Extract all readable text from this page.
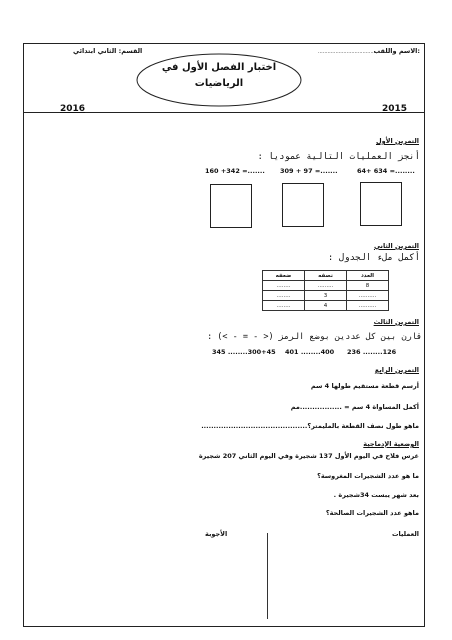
الاسم واللقب:
....................................
القسم: الثاني ابتدائي
اختبار الفصل الأول في
الرياضيات
2015
2016
التمرين الأول
أنجز العمليات التالية عموديا :
64+ 634 =........
309 + 97 =.......
160 +342 =.......
التمرين الثاني
أكمل ملء الجدول :
ضعفه	نصفه	العدد
........	.........	8
........	3	..........
........	4	..........
التمرين الثالث
قارن بين كل عددين بوضع الرمز (< - = - >) :
236 ........126
401 ........400
345 ........300+45
التمرين الرابع
أرسم قطعة مستقيم طولها 4 سم
أكمل المساواة 4 سم = .................مم
ماهو طول نصف القطعة بالمليمتر؟...........................................
الوضعية الإدماجية
غرس فلاح في اليوم الأول 137 شجيرة وفي اليوم الثاني 207 شجيرة
ما هو عدد الشجيرات المغروسة؟
بعد شهر يبست 34شجيرة .
ماهو عدد الشجيرات الصالحة؟
العمليات
الأجوبة
